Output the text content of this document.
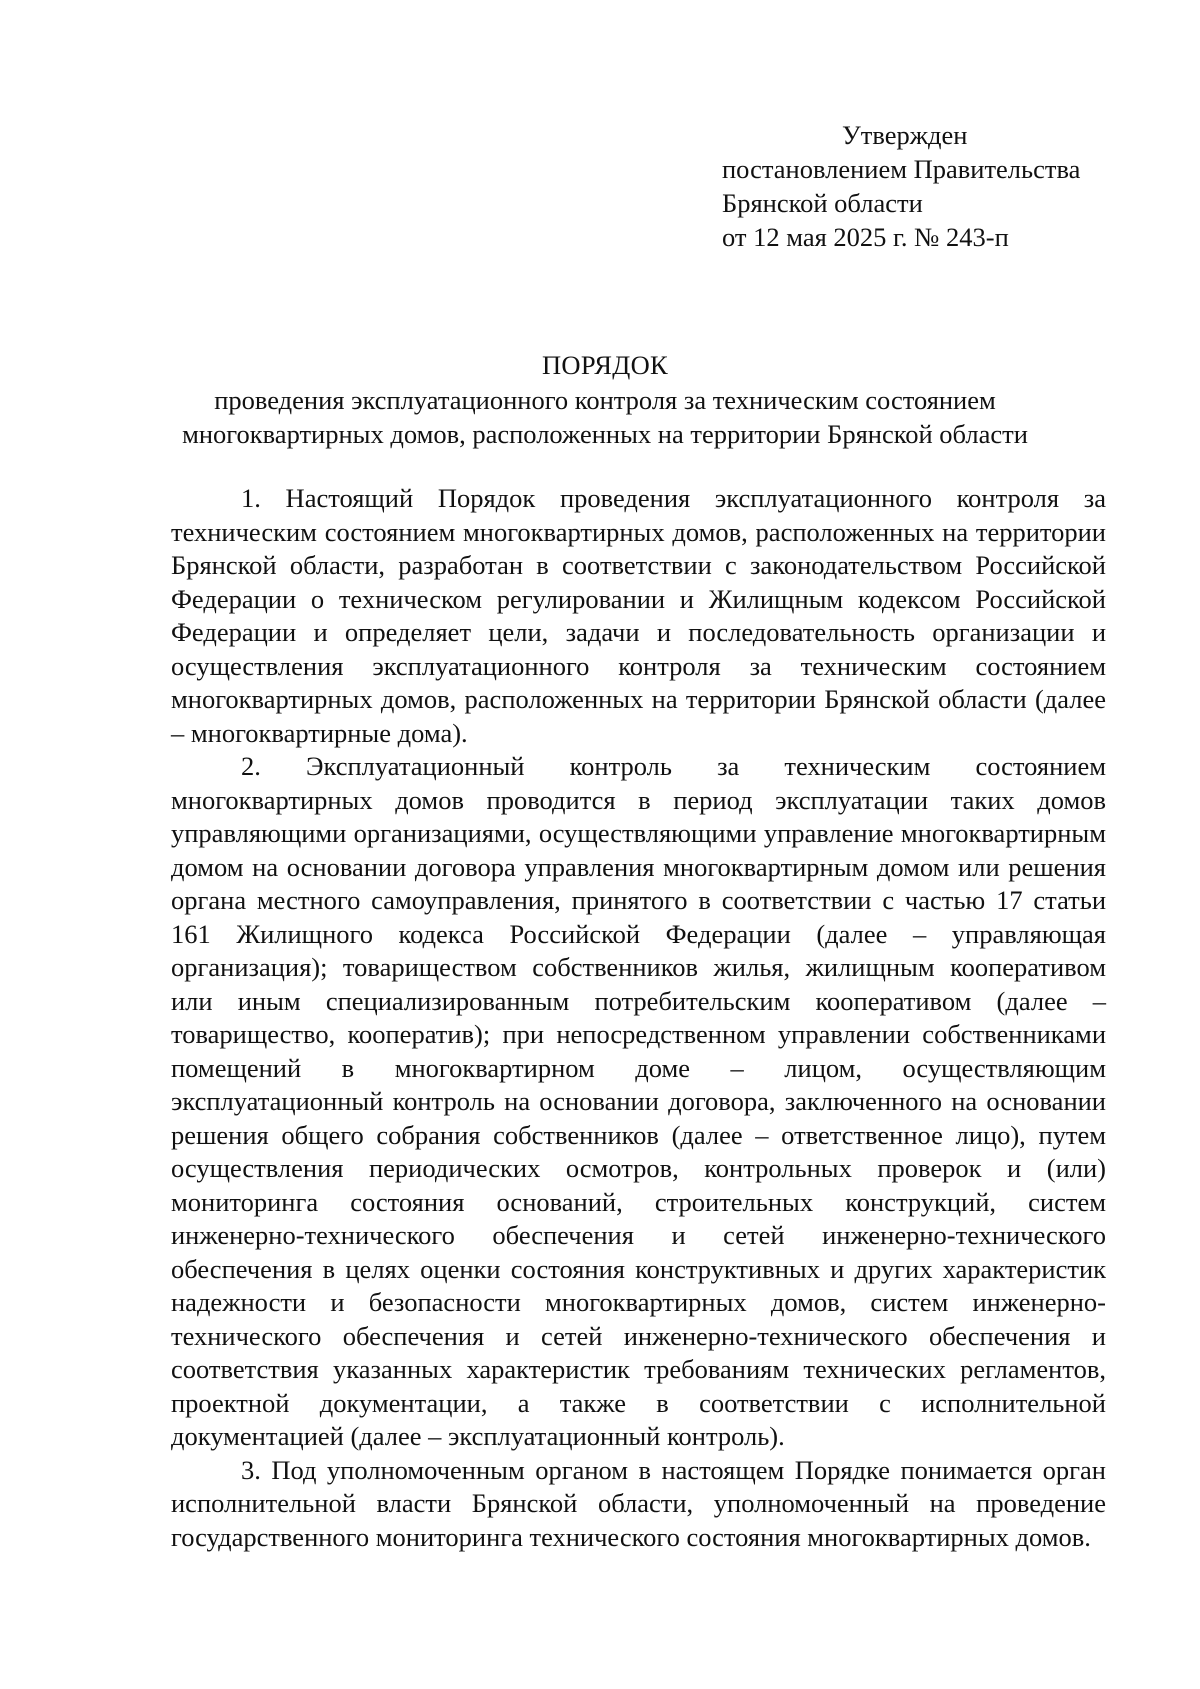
Утвержден
постановлением Правительства
Брянской области
от 12 мая 2025 г. № 243-п
ПОРЯДОК
проведения эксплуатационного контроля за техническим состоянием
многоквартирных домов, расположенных на территории Брянской области

1. Настоящий Порядок проведения эксплуатационного контроля за техническим состоянием многоквартирных домов, расположенных на территории Брянской области, разработан в соответствии с законодательством Российской Федерации о техническом регулировании и Жилищным кодексом Российской Федерации и определяет цели, задачи и последовательность организации и осуществления эксплуатационного контроля за техническим состоянием многоквартирных домов, расположенных на территории Брянской области (далее – многоквартирные дома).

2. Эксплуатационный контроль за техническим состоянием многоквартирных домов проводится в период эксплуатации таких домов управляющими организациями, осуществляющими управление многоквартирным домом на основании договора управления многоквартирным домом или решения органа местного самоуправления, принятого в соответствии с частью 17 статьи 161 Жилищного кодекса Российской Федерации (далее – управляющая организация); товариществом собственников жилья, жилищным кооперативом или иным специализированным потребительским кооперативом (далее – товарищество, кооператив); при непосредственном управлении собственниками помещений в многоквартирном доме – лицом, осуществляющим эксплуатационный контроль на основании договора, заключенного на основании решения общего собрания собственников (далее – ответственное лицо), путем осуществления периодических осмотров, контрольных проверок и (или) мониторинга состояния оснований, строительных конструкций, систем инженерно-технического обеспечения и сетей инженерно-технического обеспечения в целях оценки состояния конструктивных и других характеристик надежности и безопасности многоквартирных домов, систем инженерно-технического обеспечения и сетей инженерно-технического обеспечения и соответствия указанных характеристик требованиям технических регламентов, проектной документации, а также в соответствии с исполнительной документацией (далее – эксплуатационный контроль).

3. Под уполномоченным органом в настоящем Порядке понимается орган исполнительной власти Брянской области, уполномоченный на проведение государственного мониторинга технического состояния многоквартирных домов.
